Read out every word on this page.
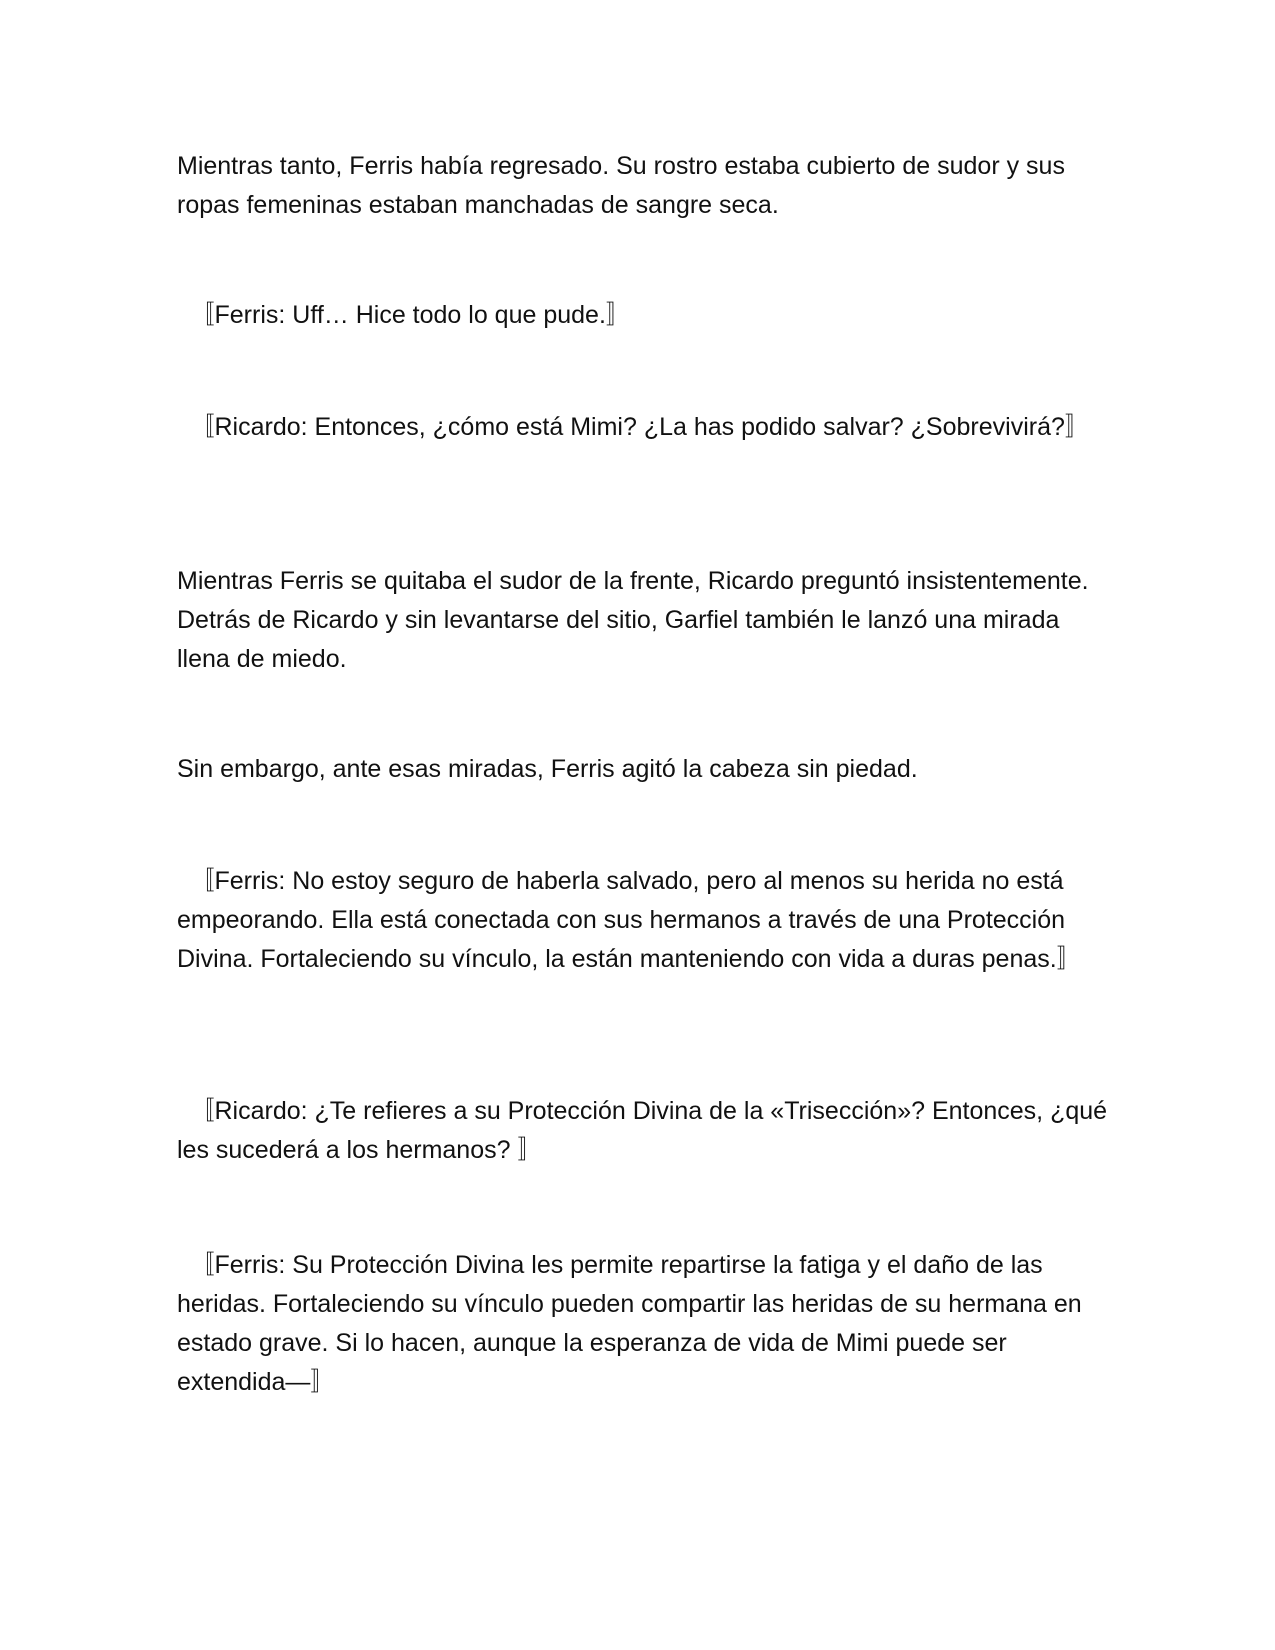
Mientras tanto, Ferris había regresado. Su rostro estaba cubierto de sudor y sus ropas femeninas estaban manchadas de sangre seca.

　〚Ferris: Uff… Hice todo lo que pude.〛

　〚Ricardo: Entonces, ¿cómo está Mimi? ¿La has podido salvar? ¿Sobrevivirá?〛

Mientras Ferris se quitaba el sudor de la frente, Ricardo preguntó insistentemente. Detrás de Ricardo y sin levantarse del sitio, Garfiel también le lanzó una mirada llena de miedo.

Sin embargo, ante esas miradas, Ferris agitó la cabeza sin piedad.

　〚Ferris: No estoy seguro de haberla salvado, pero al menos su herida no está empeorando. Ella está conectada con sus hermanos a través de una Protección Divina. Fortaleciendo su vínculo, la están manteniendo con vida a duras penas.〛

　〚Ricardo: ¿Te refieres a su Protección Divina de la «Trisección»? Entonces, ¿qué les sucederá a los hermanos? 〛

　〚Ferris: Su Protección Divina les permite repartirse la fatiga y el daño de las heridas. Fortaleciendo su vínculo pueden compartir las heridas de su hermana en estado grave. Si lo hacen, aunque la esperanza de vida de Mimi puede ser extendida—〛
